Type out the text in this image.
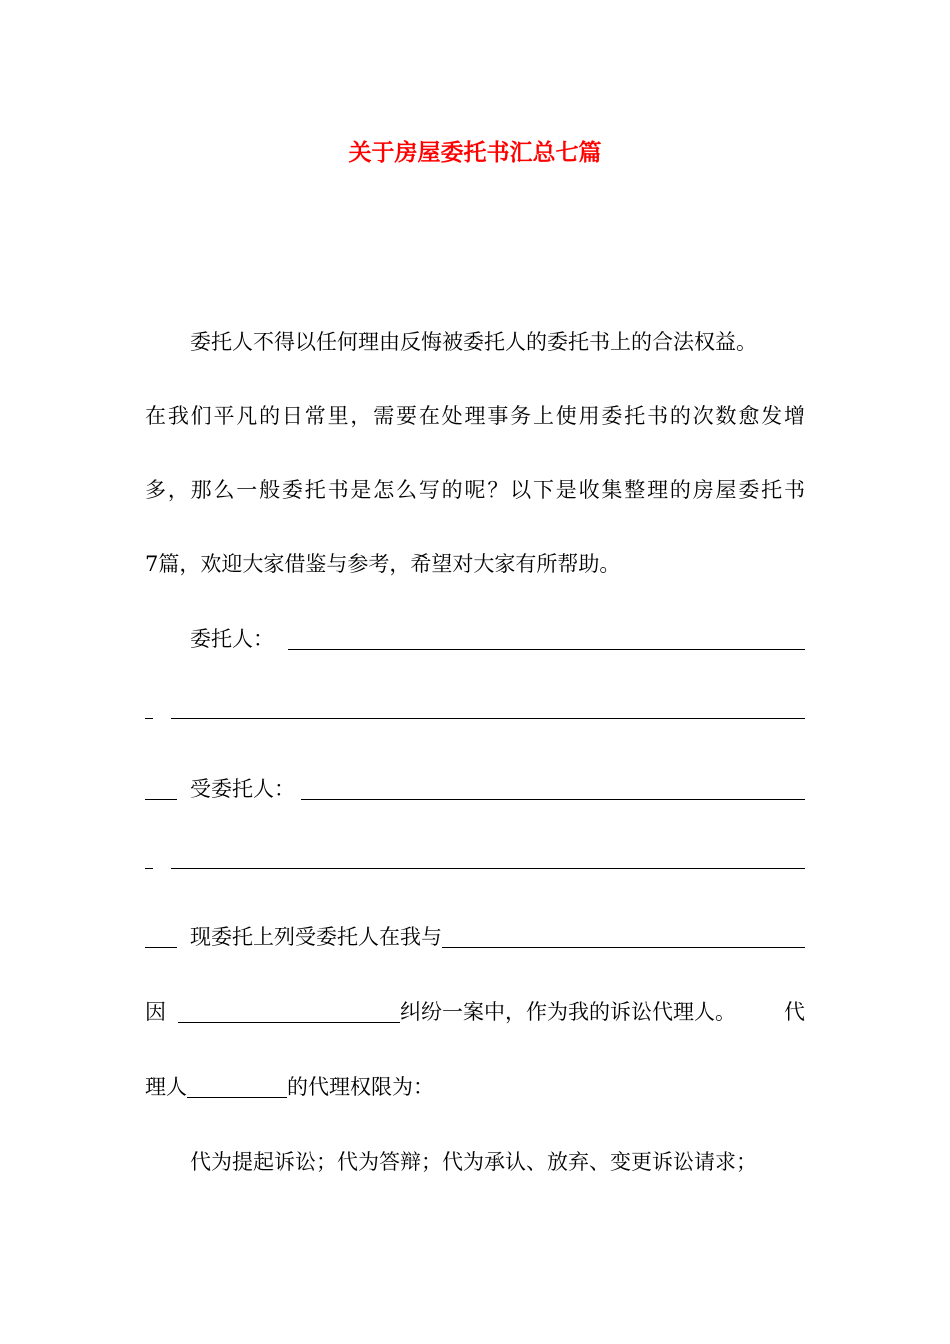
关于房屋委托书汇总七篇
委托人不得以任何理由反悔被委托人的委托书上的合法权益。
在我们平凡的日常里，需要在处理事务上使用委托书的次数愈发增
多，那么一般委托书是怎么写的呢？以下是收集整理的房屋委托书
7篇，欢迎大家借鉴与参考，希望对大家有所帮助。
委托人：
受委托人：
现委托上列受委托人在我与
因	纠纷一案中，作为我的诉讼代理人。 代
理人	的代理权限为：
代为提起诉讼；代为答辩；代为承认、放弃、变更诉讼请求；
